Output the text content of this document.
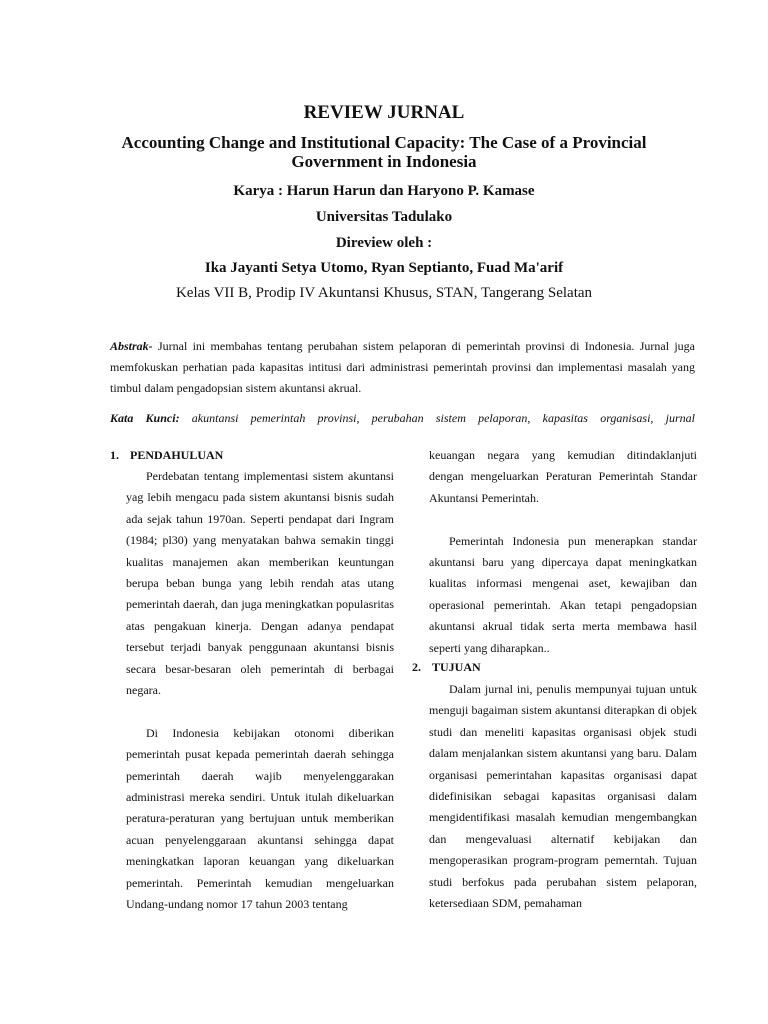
REVIEW JURNAL
Accounting Change and Institutional Capacity: The Case of a Provincial Government in Indonesia
Karya : Harun Harun dan Haryono P. Kamase
Universitas Tadulako
Direview oleh :
Ika Jayanti Setya Utomo, Ryan Septianto, Fuad Ma'arif
Kelas VII B, Prodip IV Akuntansi Khusus, STAN, Tangerang Selatan
Abstrak- Jurnal ini membahas tentang perubahan sistem pelaporan di pemerintah provinsi di Indonesia. Jurnal juga memfokuskan perhatian pada kapasitas intitusi dari administrasi pemerintah provinsi dan implementasi masalah yang timbul dalam pengadopsian sistem akuntansi akrual.
Kata Kunci: akuntansi pemerintah provinsi, perubahan sistem pelaporan, kapasitas organisasi, jurnal
1. PENDAHULUAN

Perdebatan tentang implementasi sistem akuntansi yag lebih mengacu pada sistem akuntansi bisnis sudah ada sejak tahun 1970an. Seperti pendapat dari Ingram (1984; pl30) yang menyatakan bahwa semakin tinggi kualitas manajemen akan memberikan keuntungan berupa beban bunga yang lebih rendah atas utang pemerintah daerah, dan juga meningkatkan populasritas atas pengakuan kinerja. Dengan adanya pendapat tersebut terjadi banyak penggunaan akuntansi bisnis secara besar-besaran oleh pemerintah di berbagai negara.

Di Indonesia kebijakan otonomi diberikan pemerintah pusat kepada pemerintah daerah sehingga pemerintah daerah wajib menyelenggarakan administrasi mereka sendiri. Untuk itulah dikeluarkan peratura-peraturan yang bertujuan untuk memberikan acuan penyelenggaraan akuntansi sehingga dapat meningkatkan laporan keuangan yang dikeluarkan pemerintah. Pemerintah kemudian mengeluarkan Undang-undang nomor 17 tahun 2003 tentang

keuangan negara yang kemudian ditindaklanjuti dengan mengeluarkan Peraturan Pemerintah Standar Akuntansi Pemerintah.

Pemerintah Indonesia pun menerapkan standar akuntansi baru yang dipercaya dapat meningkatkan kualitas informasi mengenai aset, kewajiban dan operasional pemerintah. Akan tetapi pengadopsian akuntansi akrual tidak serta merta membawa hasil seperti yang diharapkan..

2. TUJUAN

Dalam jurnal ini, penulis mempunyai tujuan untuk menguji bagaiman sistem akuntansi diterapkan di objek studi dan meneliti kapasitas organisasi objek studi dalam menjalankan sistem akuntansi yang baru. Dalam organisasi pemerintahan kapasitas organisasi dapat didefinisikan sebagai kapasitas organisasi dalam mengidentifikasi masalah kemudian mengembangkan dan mengevaluasi alternatif kebijakan dan mengoperasikan program-program pemerntah. Tujuan studi berfokus pada perubahan sistem pelaporan, ketersediaan SDM, pemahaman
